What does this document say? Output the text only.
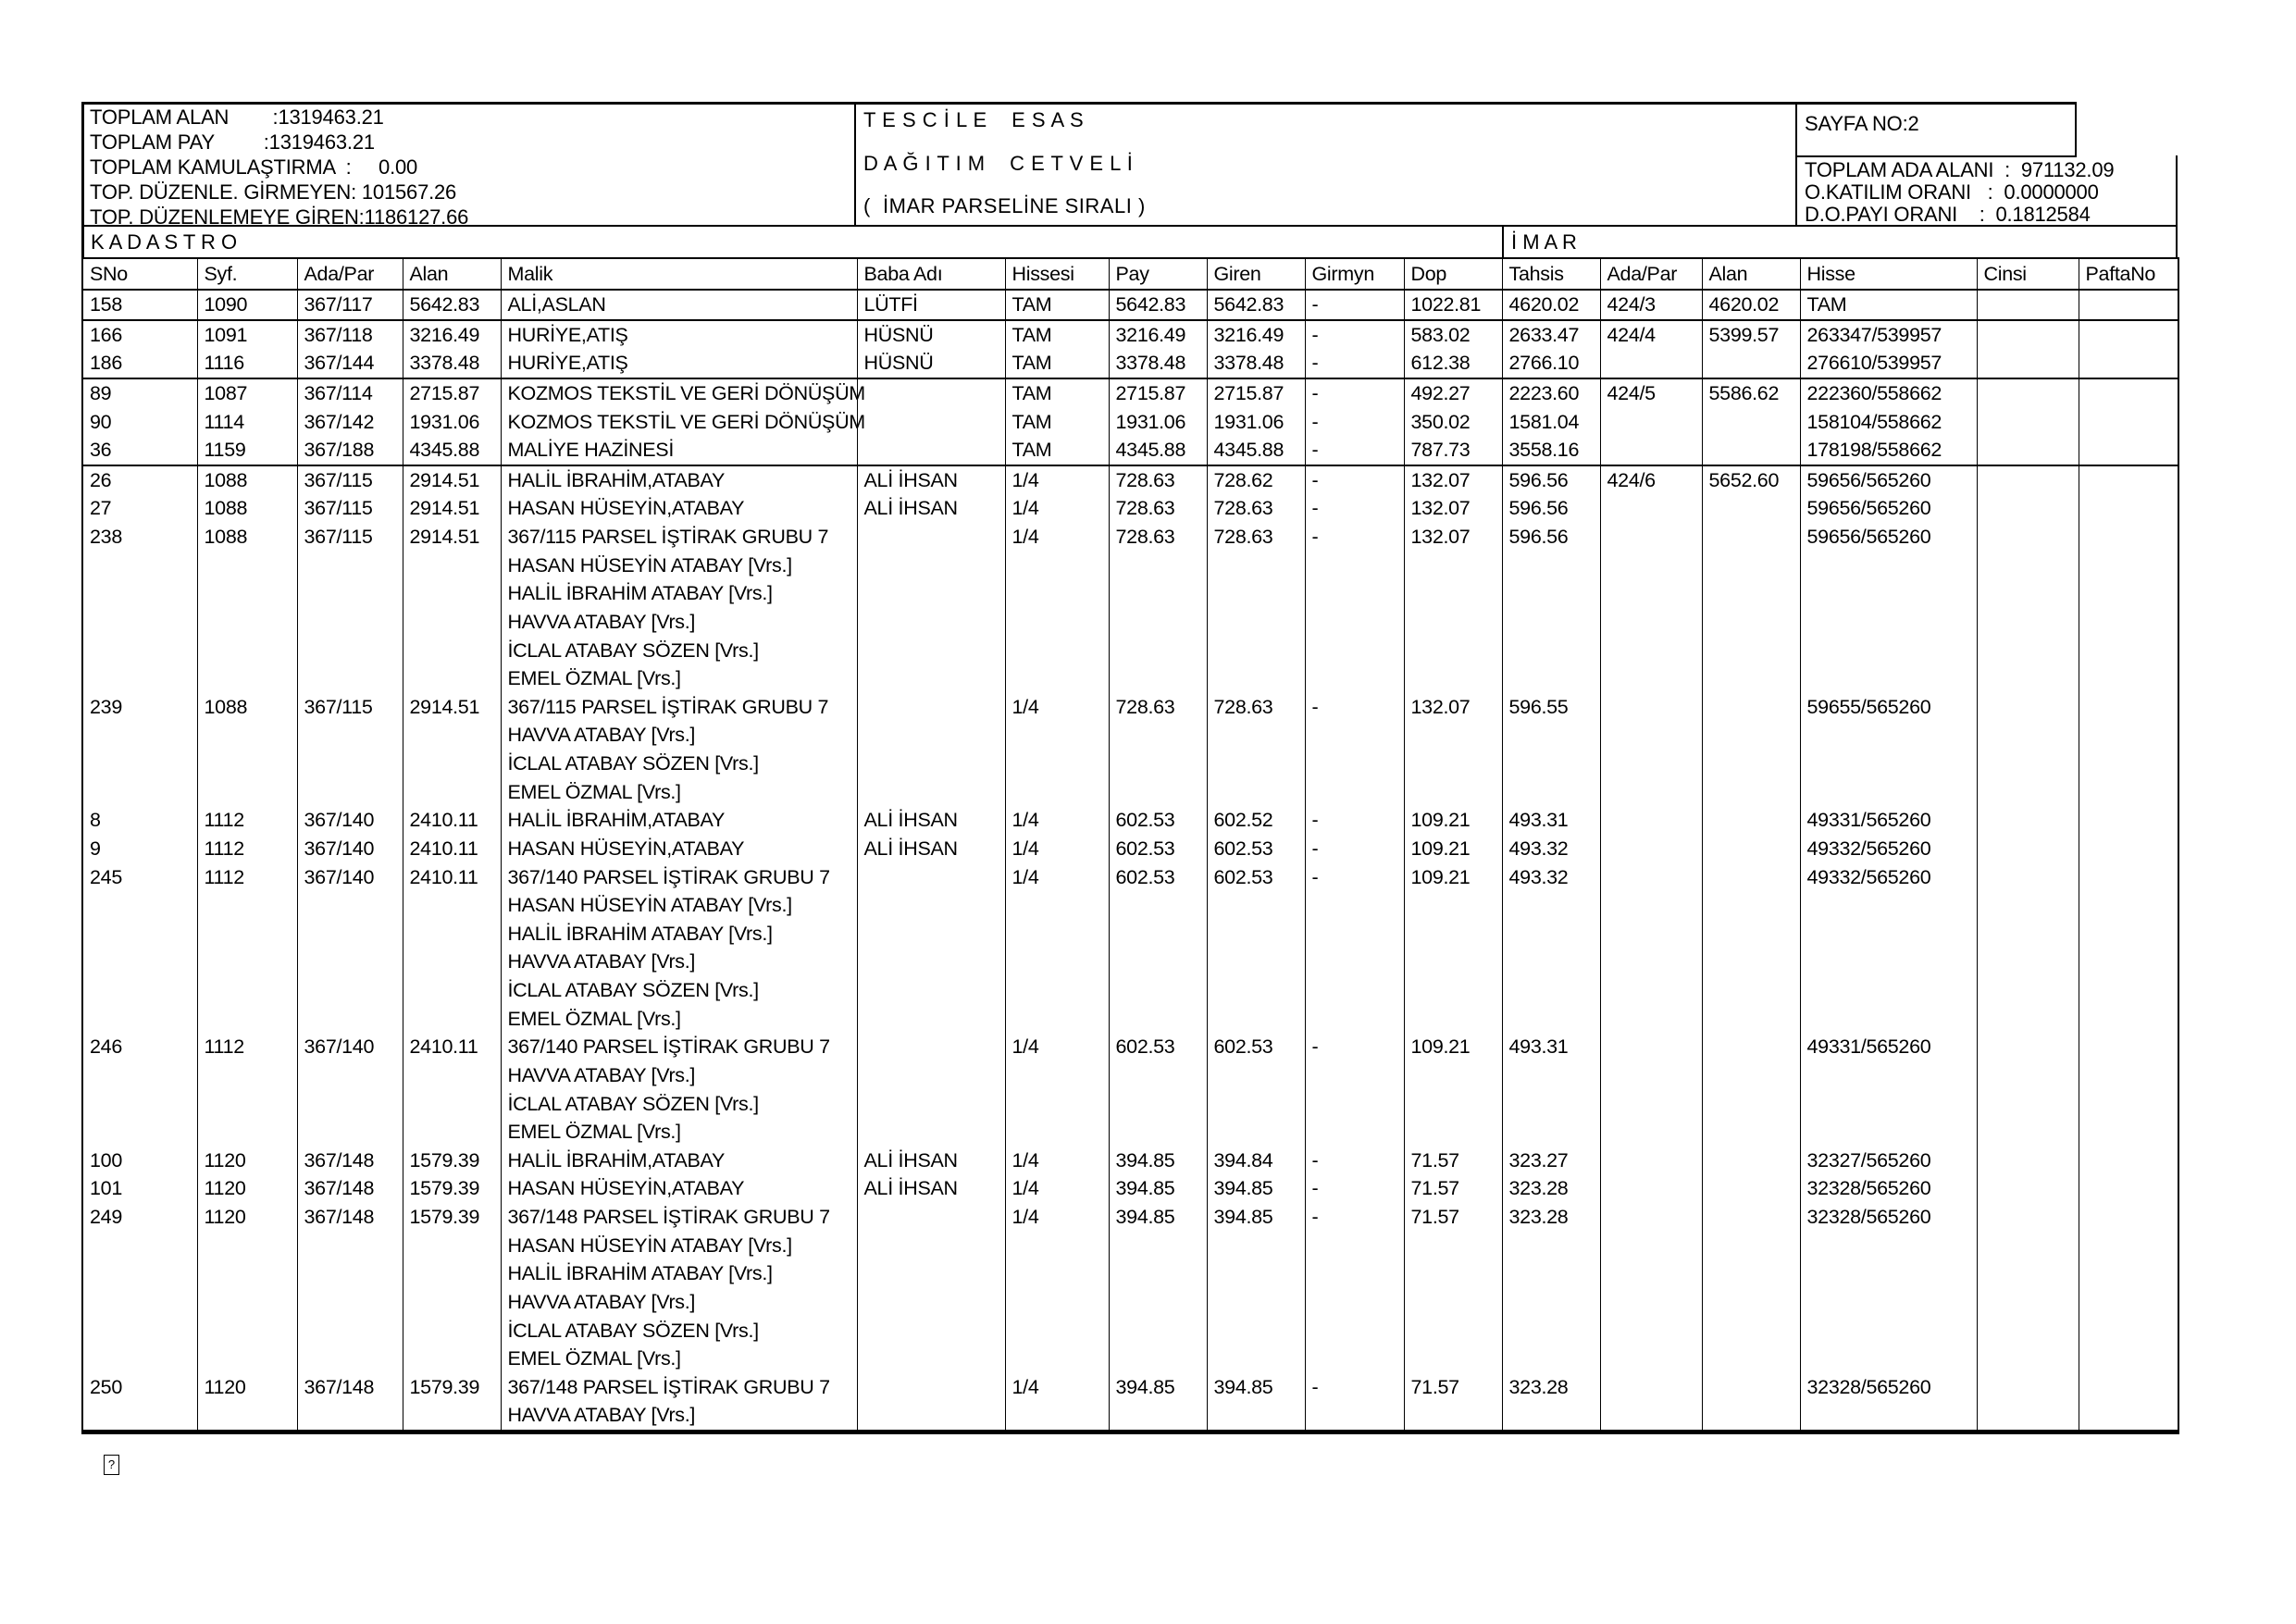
TOPLAM ALAN        :1319463.21
TOPLAM PAY         :1319463.21
TOPLAM KAMULAŞTIRMA  :     0.00
TOP. DÜZENLE. GİRMEYEN: 101567.26
TOP. DÜZENLEMEYE GİREN:1186127.66
T E S C İ L E    E S A S
D A Ğ I T I M    C E T V E L İ
(  İMAR PARSELİNE SIRALI )
SAYFA NO:2
TOPLAM ADA ALANI  :  971132.09
O.KATILIM ORANI   :  0.0000000
D.O.PAYI ORANI    :  0.1812584
K A D A S T R O	İ M A R
SNo	Syf.	Ada/Par	Alan	Malik	Baba Adı	Hissesi	Pay	Giren	Girmyn	Dop	Tahsis	Ada/Par	Alan	Hisse	Cinsi	PaftaNo
158	1090	367/117	5642.83	ALİ,ASLAN	LÜTFİ	TAM	5642.83	5642.83	-	1022.81	4620.02	424/3	4620.02	TAM		
166	1091	367/118	3216.49	HURİYE,ATIŞ	HÜSNÜ	TAM	3216.49	3216.49	-	583.02	2633.47	424/4	5399.57	263347/539957		
186	1116	367/144	3378.48	HURİYE,ATIŞ	HÜSNÜ	TAM	3378.48	3378.48	-	612.38	2766.10			276610/539957		
89	1087	367/114	2715.87	KOZMOS TEKSTİL VE GERİ DÖNÜŞÜM		TAM	2715.87	2715.87	-	492.27	2223.60	424/5	5586.62	222360/558662		
90	1114	367/142	1931.06	KOZMOS TEKSTİL VE GERİ DÖNÜŞÜM		TAM	1931.06	1931.06	-	350.02	1581.04			158104/558662		
36	1159	367/188	4345.88	MALİYE HAZİNESİ		TAM	4345.88	4345.88	-	787.73	3558.16			178198/558662		
26	1088	367/115	2914.51	HALİL İBRAHİM,ATABAY	ALİ İHSAN	1/4	728.63	728.62	-	132.07	596.56	424/6	5652.60	59656/565260		
27	1088	367/115	2914.51	HASAN HÜSEYİN,ATABAY	ALİ İHSAN	1/4	728.63	728.63	-	132.07	596.56			59656/565260		
238	1088	367/115	2914.51	367/115 PARSEL İŞTİRAK GRUBU 7		1/4	728.63	728.63	-	132.07	596.56			59656/565260		
				HASAN HÜSEYİN ATABAY [Vrs.]												
				HALİL İBRAHİM ATABAY [Vrs.]												
				HAVVA ATABAY [Vrs.]												
				İCLAL ATABAY SÖZEN [Vrs.]												
				EMEL ÖZMAL [Vrs.]												
239	1088	367/115	2914.51	367/115 PARSEL İŞTİRAK GRUBU 7		1/4	728.63	728.63	-	132.07	596.55			59655/565260		
				HAVVA ATABAY [Vrs.]												
				İCLAL ATABAY SÖZEN [Vrs.]												
				EMEL ÖZMAL [Vrs.]												
8	1112	367/140	2410.11	HALİL İBRAHİM,ATABAY	ALİ İHSAN	1/4	602.53	602.52	-	109.21	493.31			49331/565260		
9	1112	367/140	2410.11	HASAN HÜSEYİN,ATABAY	ALİ İHSAN	1/4	602.53	602.53	-	109.21	493.32			49332/565260		
245	1112	367/140	2410.11	367/140 PARSEL İŞTİRAK GRUBU 7		1/4	602.53	602.53	-	109.21	493.32			49332/565260		
				HASAN HÜSEYİN ATABAY [Vrs.]												
				HALİL İBRAHİM ATABAY [Vrs.]												
				HAVVA ATABAY [Vrs.]												
				İCLAL ATABAY SÖZEN [Vrs.]												
				EMEL ÖZMAL [Vrs.]												
246	1112	367/140	2410.11	367/140 PARSEL İŞTİRAK GRUBU 7		1/4	602.53	602.53	-	109.21	493.31			49331/565260		
				HAVVA ATABAY [Vrs.]												
				İCLAL ATABAY SÖZEN [Vrs.]												
				EMEL ÖZMAL [Vrs.]												
100	1120	367/148	1579.39	HALİL İBRAHİM,ATABAY	ALİ İHSAN	1/4	394.85	394.84	-	71.57	323.27			32327/565260		
101	1120	367/148	1579.39	HASAN HÜSEYİN,ATABAY	ALİ İHSAN	1/4	394.85	394.85	-	71.57	323.28			32328/565260		
249	1120	367/148	1579.39	367/148 PARSEL İŞTİRAK GRUBU 7		1/4	394.85	394.85	-	71.57	323.28			32328/565260		
				HASAN HÜSEYİN ATABAY [Vrs.]												
				HALİL İBRAHİM ATABAY [Vrs.]												
				HAVVA ATABAY [Vrs.]												
				İCLAL ATABAY SÖZEN [Vrs.]												
				EMEL ÖZMAL [Vrs.]												
250	1120	367/148	1579.39	367/148 PARSEL İŞTİRAK GRUBU 7		1/4	394.85	394.85	-	71.57	323.28			32328/565260		
				HAVVA ATABAY [Vrs.]												
?
